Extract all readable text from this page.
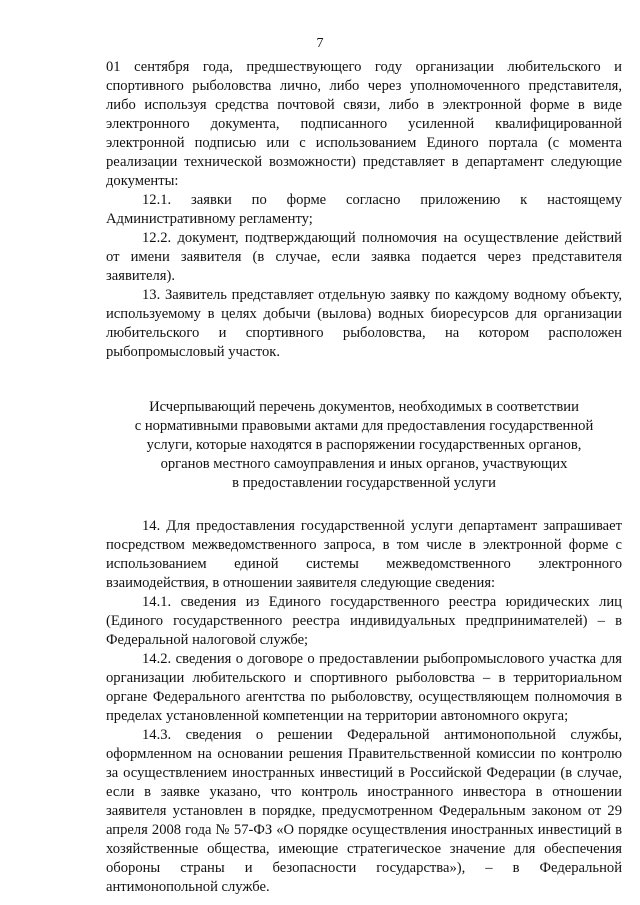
7

01 сентября года, предшествующего году организации любительского и спортивного рыболовства лично, либо через уполномоченного представителя, либо используя средства почтовой связи, либо в электронной форме в виде электронного документа, подписанного усиленной квалифицированной электронной подписью или с использованием Единого портала (с момента реализации технической возможности) представляет в департамент следующие документы:

12.1. заявки по форме согласно приложению к настоящему Административному регламенту;

12.2. документ, подтверждающий полномочия на осуществление действий от имени заявителя (в случае, если заявка подается через представителя заявителя).

13. Заявитель представляет отдельную заявку по каждому водному объекту, используемому в целях добычи (вылова) водных биоресурсов для организации любительского и спортивного рыболовства, на котором расположен рыбопромысловый участок.

Исчерпывающий перечень документов, необходимых в соответствии
с нормативными правовыми актами для предоставления государственной
услуги, которые находятся в распоряжении государственных органов,
органов местного самоуправления и иных органов, участвующих
в предоставлении государственной услуги

14. Для предоставления государственной услуги департамент запрашивает посредством межведомственного запроса, в том числе в электронной форме с использованием единой системы межведомственного электронного взаимодействия, в отношении заявителя следующие сведения:

14.1. сведения из Единого государственного реестра юридических лиц (Единого государственного реестра индивидуальных предпринимателей) – в Федеральной налоговой службе;

14.2. сведения о договоре о предоставлении рыбопромыслового участка для организации любительского и спортивного рыболовства – в территориальном органе Федерального агентства по рыболовству, осуществляющем полномочия в пределах установленной компетенции на территории автономного округа;

14.3. сведения о решении Федеральной антимонопольной службы, оформленном на основании решения Правительственной комиссии по контролю за осуществлением иностранных инвестиций в Российской Федерации (в случае, если в заявке указано, что контроль иностранного инвестора в отношении заявителя установлен в порядке, предусмотренном Федеральным законом от 29 апреля 2008 года № 57-ФЗ «О порядке осуществления иностранных инвестиций в хозяйственные общества, имеющие стратегическое значение для обеспечения обороны страны и безопасности государства»), – в Федеральной антимонопольной службе.
